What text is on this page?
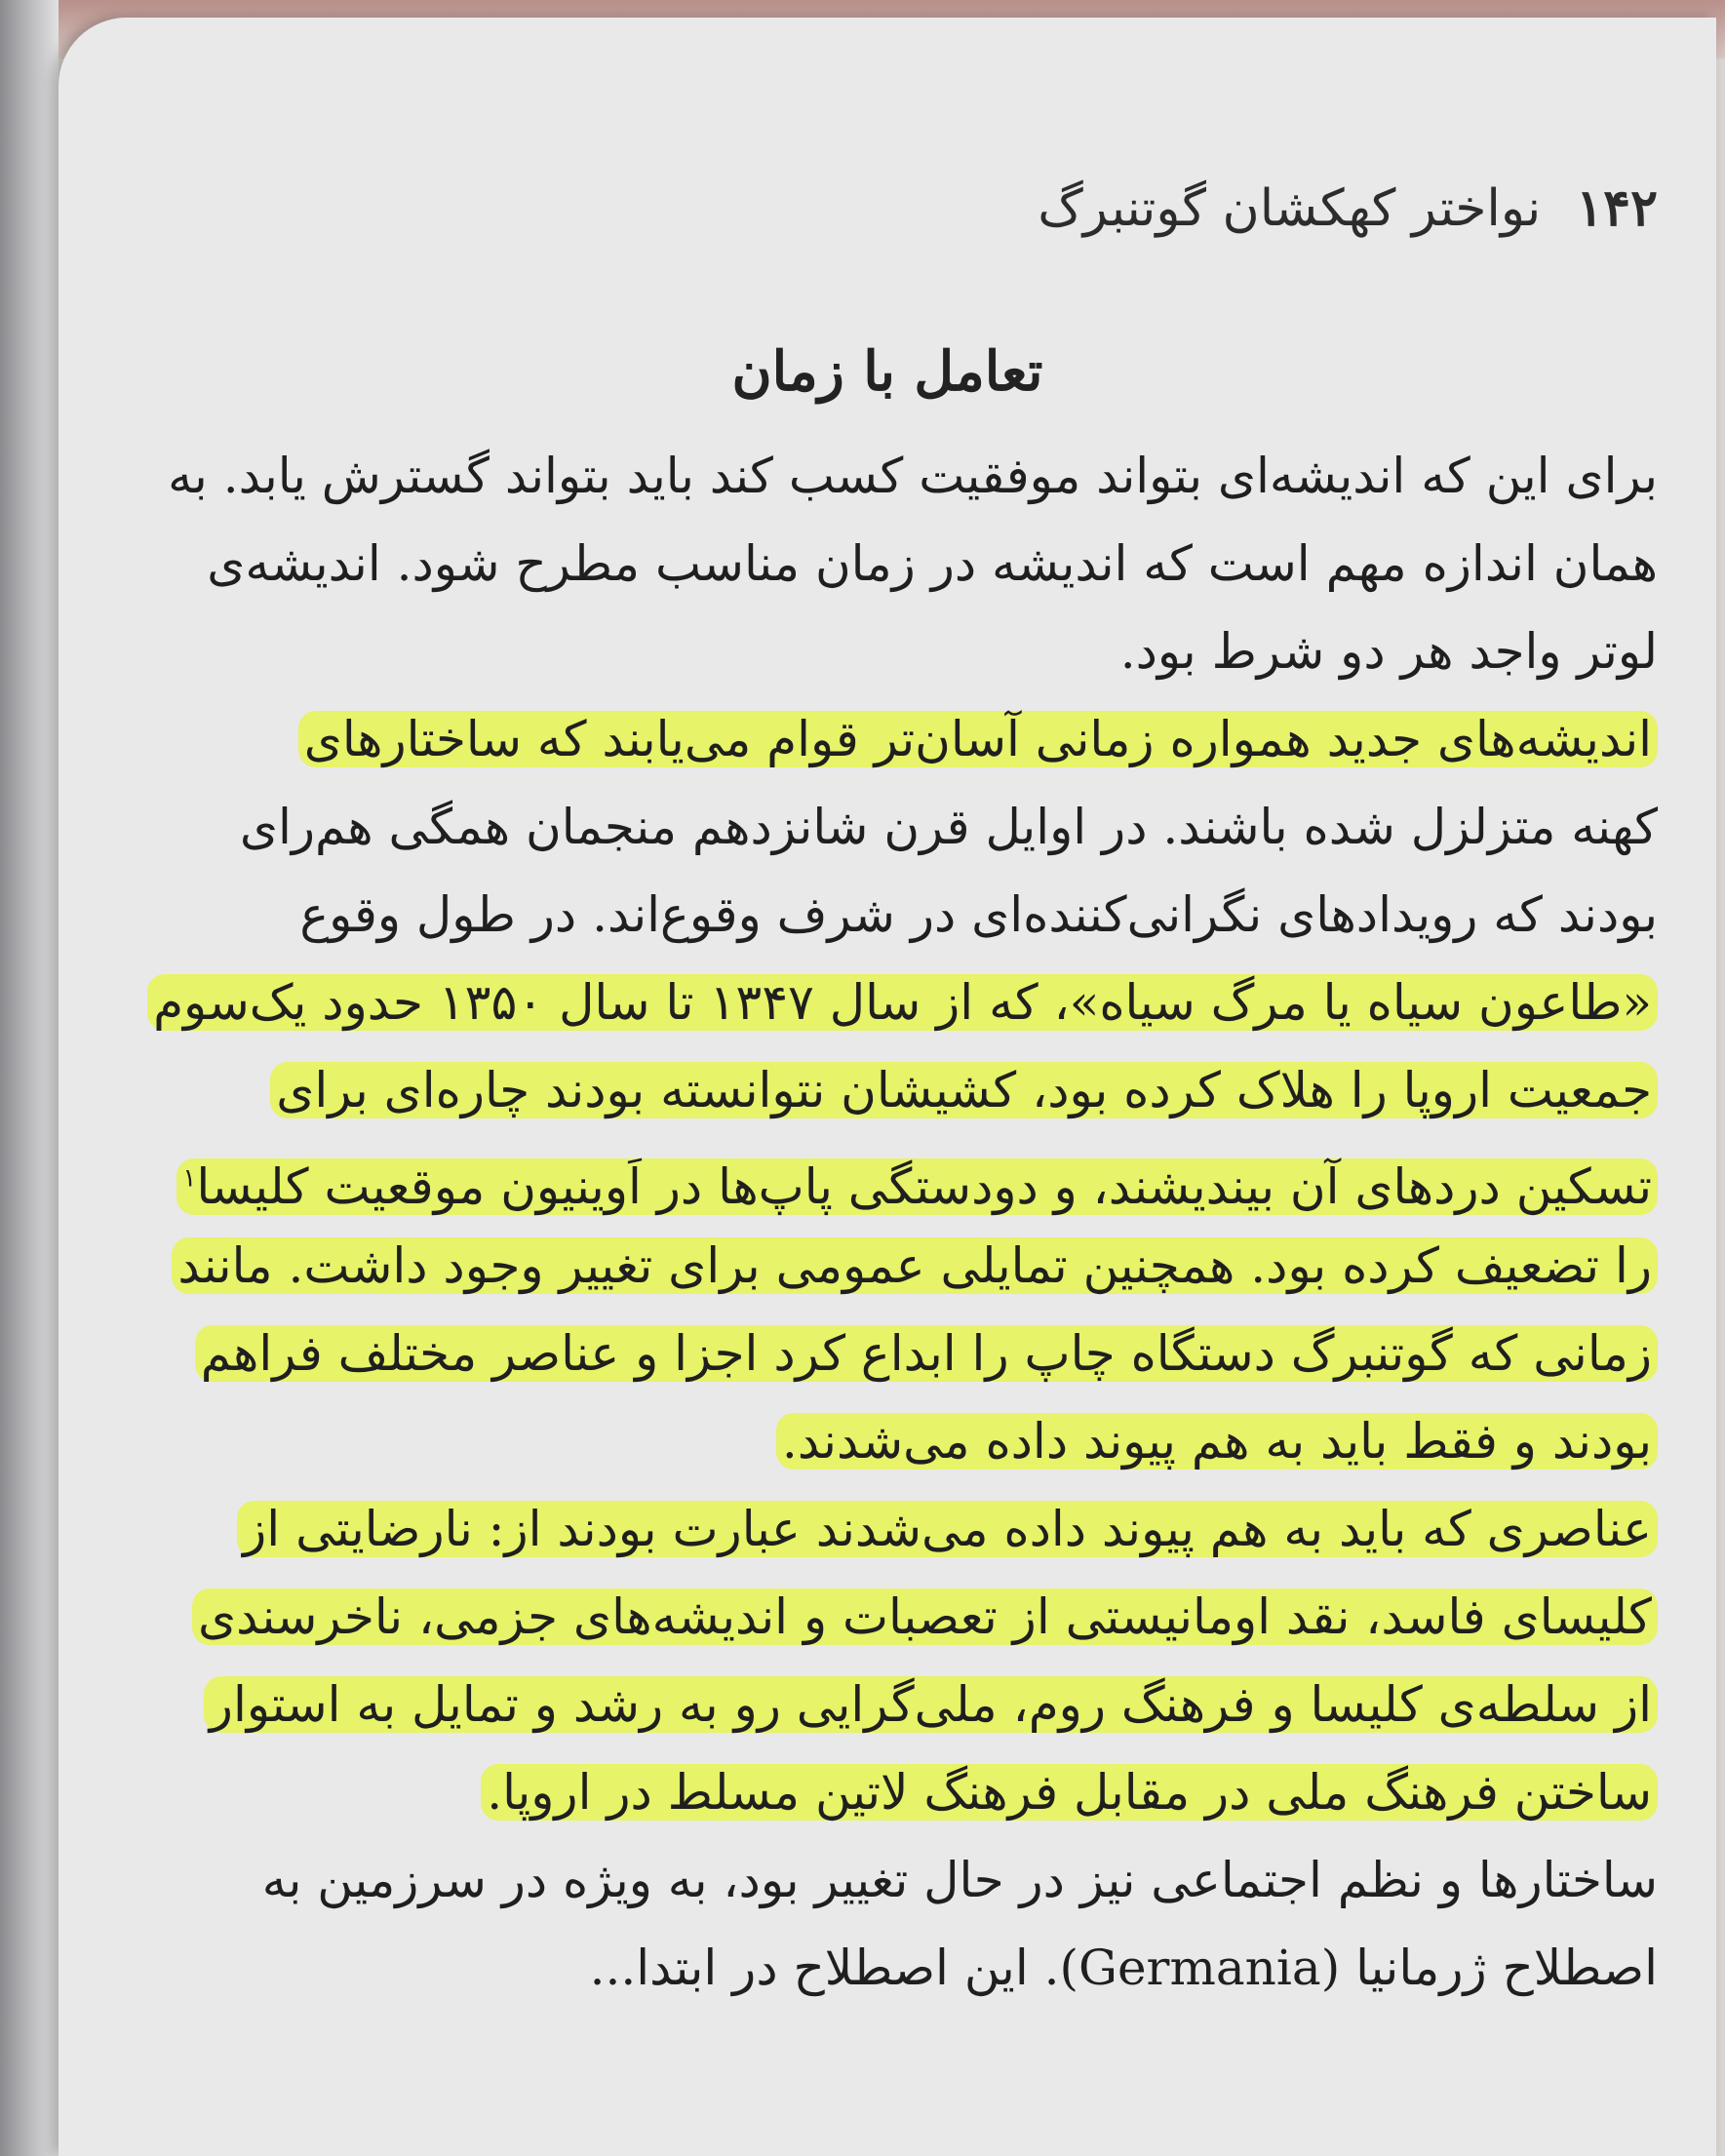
۱۴۲
نواختر کهکشان گوتنبرگ
تعامل با زمان
برای این که اندیشه‌ای بتواند موفقیت کسب کند باید بتواند گسترش یابد. به
همان اندازه مهم است که اندیشه در زمان مناسب مطرح شود. اندیشه‌ی
لوتر واجد هر دو شرط بود.
اندیشه‌های جدید همواره زمانی آسان‌تر قوام می‌یابند که ساختارهای
کهنه متزلزل شده باشند. در اوایل قرن شانزدهم منجمان همگی هم‌رای
بودند که رویدادهای نگرانی‌کننده‌ای در شرف وقوع‌اند. در طول وقوع
«طاعون سیاه یا مرگ سیاه»، که از سال ۱۳۴۷ تا سال ۱۳۵۰ حدود یک‌سوم
جمعیت اروپا را هلاک کرده بود، کشیشان نتوانسته بودند چاره‌ای برای
تسکین دردهای آن بیندیشند، و دودستگی پاپ‌ها در اَوینیون موقعیت کلیسا$^۱$
را تضعیف کرده بود. همچنین تمایلی عمومی برای تغییر وجود داشت. مانند
زمانی که گوتنبرگ دستگاه چاپ را ابداع کرد اجزا و عناصر مختلف فراهم
بودند و فقط باید به هم پیوند داده می‌شدند.
عناصری که باید به هم پیوند داده می‌شدند عبارت بودند از: نارضایتی از
کلیسای فاسد، نقد اومانیستی از تعصبات و اندیشه‌های جزمی، ناخرسندی
از سلطه‌ی کلیسا و فرهنگ روم، ملی‌گرایی رو به رشد و تمایل به استوار
ساختن فرهنگ ملی در مقابل فرهنگ لاتین مسلط در اروپا.
ساختارها و نظم اجتماعی نیز در حال تغییر بود، به ویژه در سرزمین به
اصطلاح ژرمانیا (Germania). این اصطلاح در ابتدا...
